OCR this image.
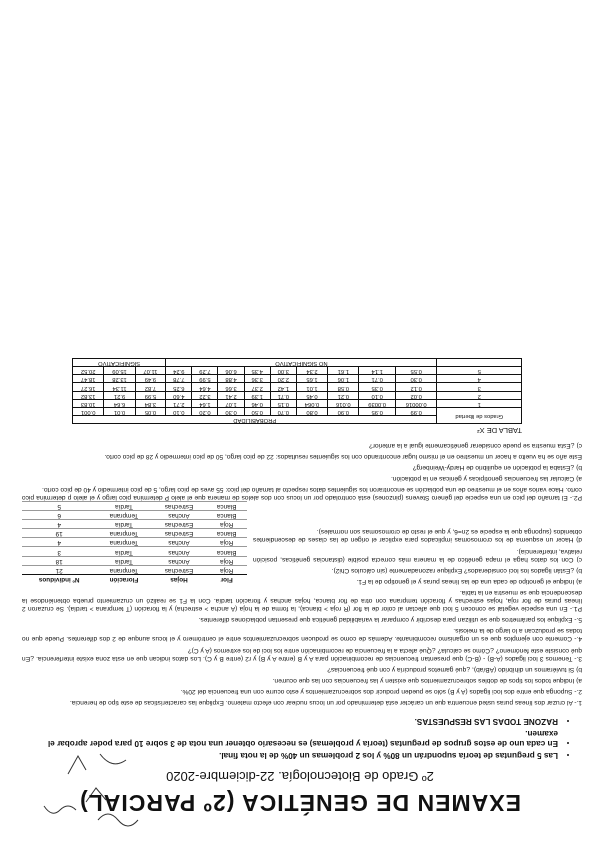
EXAMEN DE GENÉTICA (2º PARCIAL)
2º Grado de Biotecnología. 22-diciembre-2020
• Las 5 preguntas de teoría supondrán un 80% y los 2 problemas un 40% de la nota final.
• En cada uno de estos grupos de preguntas (teoría y problemas) es necesario obtener una nota de 3 sobre 10 para poder aprobar el examen.
• RAZONE TODAS LAS RESPUESTAS.

1.- Al cruzar dos líneas puras usted encuentra que un carácter está determinado por un locus nuclear con efecto materno. Explique las características de este tipo de herencia.

2.- Suponga que entre dos loci ligados (A y B) sólo se pueden producir dos sobrecruzamientos y esto ocurre con una frecuencia del 20%.

a) Indique todos los tipos de dobles sobrecruzamientos que existen y las frecuencias con las que ocurren.

b) Si tuviéramos un dihíbrido (AB/ab), ¿qué gametos produciría y con qué frecuencias?

3.- Tenemos 3 loci ligados (A-B) - (B-C) que presentan frecuencias de recombinación para A y B (entre A y B) y r2 (entre B y C). Los datos indican que en esta zona existe interferencia. ¿En qué consiste este fenómeno? ¿Cómo se calcula? ¿Qué afecta a la frecuencia de recombinación entre los loci de los extremos (A y C)?

4.- Comente con ejemplos que es un organismo recombinante. Además de como se producen sobrecruzamientos entre el centrómero y el locus aunque de 2 dos diferentes. Puede que no todas se produzcan a lo largo de la meiosis.

5.- Explique los parámetros que se utilizan para describir y comparar la variabilidad genética que presentan poblaciones diferentes.

P1.- En una especie vegetal se conocen 5 loci que afectan al color de la flor (R roja > blanca), la forma de la hoja (A ancha > estrecha) y la floración (T temprana > tardía). Se cruzaron 2 líneas puras de flor roja, hojas estrechas y floración temprana con otra de flor blanca, hojas anchas y floración tardía. Con la F1 se realizó un cruzamiento prueba obteniéndose la descendencia que se muestra en la tabla.

a) Indique el genotipo de cada una de las líneas puras y el genotipo de la F1.

b) ¿Están ligados los loci considerados? Explique razonadamente (sin cálculos Chi2).

c) Con los datos haga el mapa genético de la manera más correcta posible (distancias genéticas, posición relativa, interferencia).

d) Hacer un esquema de los cromosomas implicados para explicar el origen de las clases de descendientes obtenidos (suponga que la especie es 2n=6, y que el resto de cromosomas son normales).

Flor	Hojas	Floración	Nº individuos
Roja	Estrechas	Temprana	21
Roja	Anchas	Tardía	18
Blanca	Anchas	Tardía	3
Roja	Anchas	Temprana	4
Blanca	Estrechas	Temprana	19
Roja	Estrechas	Tardía	4
Blanca	Anchas	Temprana	6
Blanca	Estrechas	Tardía	5

P2.- El tamaño del pico en una especie del género Stevens (pinzones) está controlado por un locus con dos alelos de manera que el alelo P determina pico largo y el alelo p determina pico corto. Hace varios años en el muestreo de una población se encontraron los siguientes datos respecto al tamaño del pico: 55 aves de pico largo, 5 de pico intermedio y 40 de pico corto.

a) Calcular las frecuencias genotípicas y génicas en la población.

b) ¿Estaba la población en equilibrio de Hardy-Weinberg?

Este año se ha vuelto a hacer un muestreo en el mismo lugar encontrando con los siguientes resultados: 22 de pico largo, 50 de pico intermedio y 28 de pico corto.

c) ¿Esta muestra se puede considerar genéticamente igual a la anterior?

TABLA DE X²
Grados de libertad	PROBABILIDAD											
	0.99	0.95	0.90	0.80	0.70	0.50	0.30	0.20	0.10	0.05	0.01	0.001
1	0.00016	0.0039	0.016	0.064	0.15	0.46	1.07	1.64	2.71	3.84	6.64	10.83
2	0.02	0.10	0.21	0.45	0.71	1.39	2.41	3.22	4.60	5.99	9.21	13.82
3	0.12	0.35	0.58	1.01	1.42	2.37	3.66	4.64	6.25	7.82	11.34	16.27
4	0.30	0.71	1.06	1.65	2.20	3.36	4.88	5.99	7.78	9.49	13.28	18.47
5	0.55	1.14	1.61	2.34	3.00	4.35	6.06	7.29	9.24	11.07	15.09	20.52
	NO SIGNIFICATIVO									SIGNIFICATIVO		
